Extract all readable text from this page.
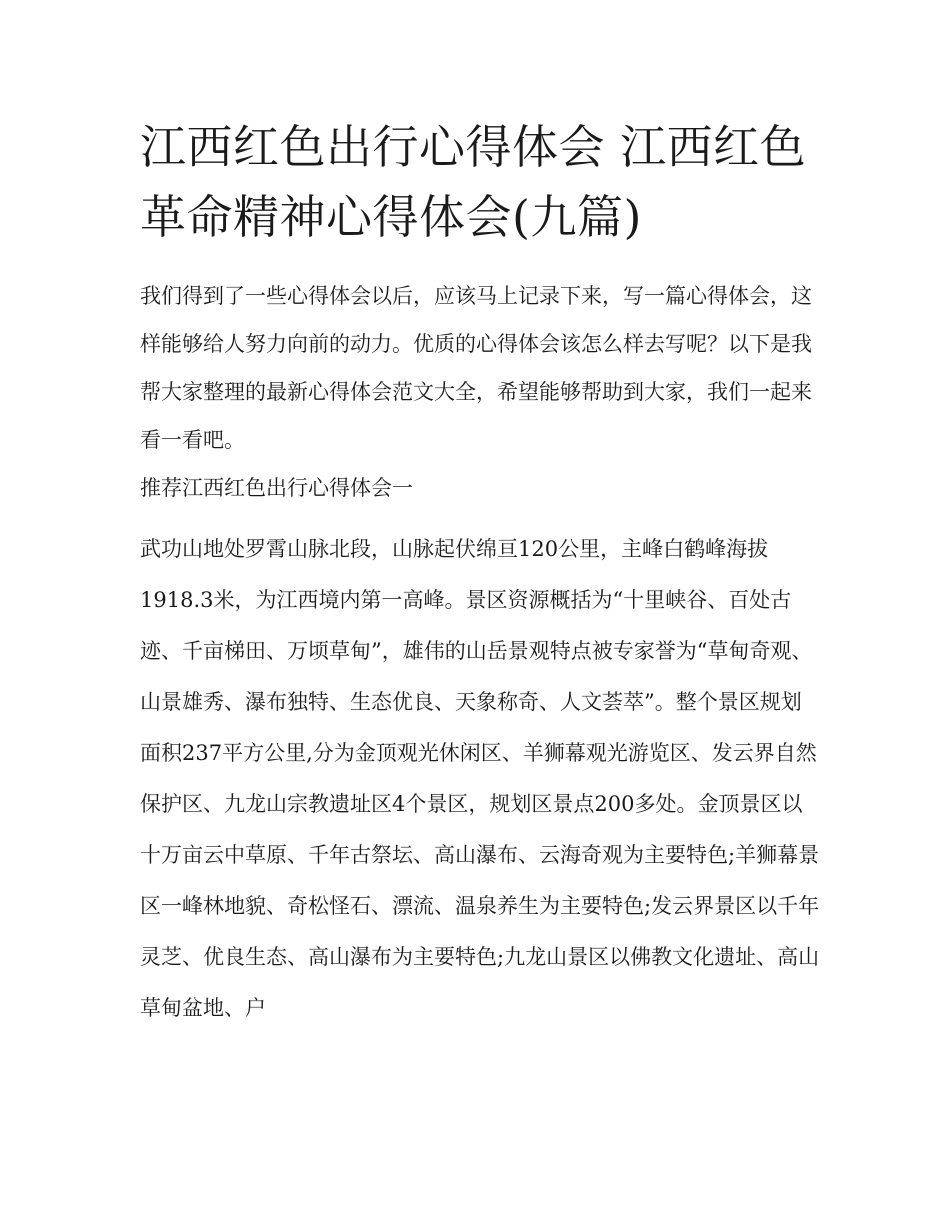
江西红色出行心得体会 江西红色革命精神心得体会(九篇)

我们得到了一些心得体会以后，应该马上记录下来，写一篇心得体会，这样能够给人努力向前的动力。优质的心得体会该怎么样去写呢？以下是我帮大家整理的最新心得体会范文大全，希望能够帮助到大家，我们一起来看一看吧。

推荐江西红色出行心得体会一

武功山地处罗霄山脉北段，山脉起伏绵亘120公里，主峰白鹤峰海拔1918.3米，为江西境内第一高峰。景区资源概括为“十里峡谷、百处古迹、千亩梯田、万顷草甸”，雄伟的山岳景观特点被专家誉为“草甸奇观、山景雄秀、瀑布独特、生态优良、天象称奇、人文荟萃”。整个景区规划面积237平方公里,分为金顶观光休闲区、羊狮幕观光游览区、发云界自然保护区、九龙山宗教遗址区4个景区，规划区景点200多处。金顶景区以十万亩云中草原、千年古祭坛、高山瀑布、云海奇观为主要特色;羊狮幕景区一峰林地貌、奇松怪石、漂流、温泉养生为主要特色;发云界景区以千年灵芝、优良生态、高山瀑布为主要特色;九龙山景区以佛教文化遗址、高山草甸盆地、户
